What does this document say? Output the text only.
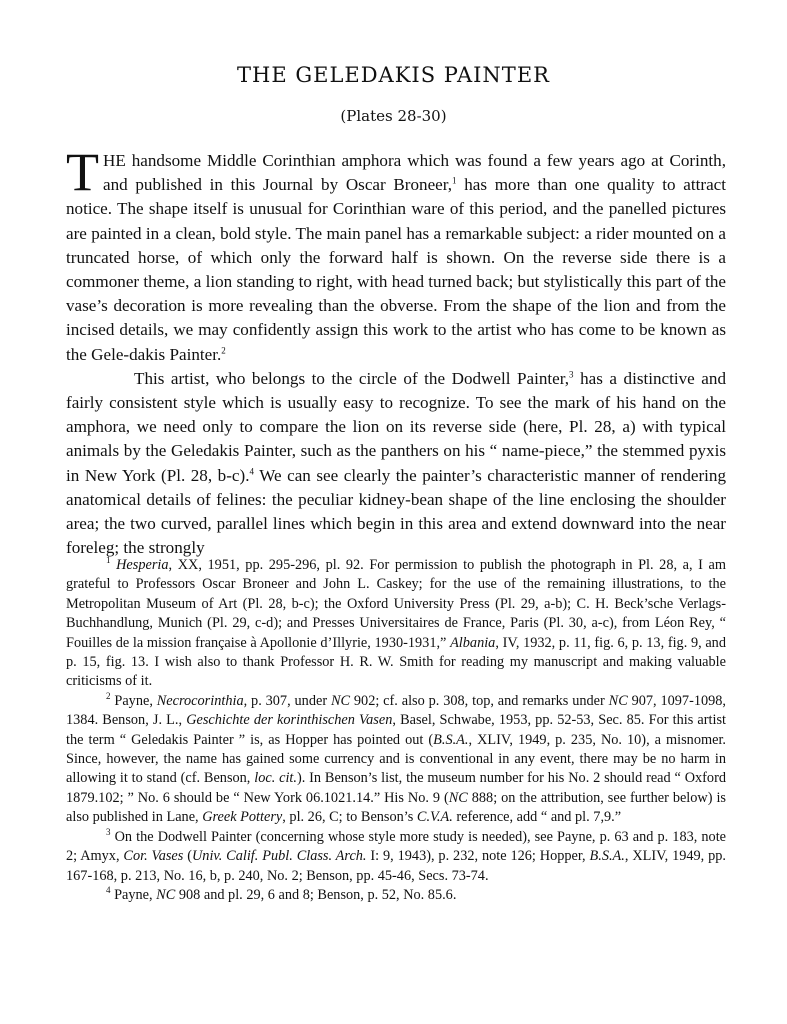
THE GELEDAKIS PAINTER
(Plates 28-30)

THE handsome Middle Corinthian amphora which was found a few years ago at Corinth, and published in this Journal by Oscar Broneer,$^1$ has more than one quality to attract notice. The shape itself is unusual for Corinthian ware of this period, and the panelled pictures are painted in a clean, bold style. The main panel has a remarkable subject: a rider mounted on a truncated horse, of which only the forward half is shown. On the reverse side there is a commoner theme, a lion standing to right, with head turned back; but stylistically this part of the vase’s decoration is more revealing than the obverse. From the shape of the lion and from the incised details, we may confidently assign this work to the artist who has come to be known as the Gele-dakis Painter.$^2$

This artist, who belongs to the circle of the Dodwell Painter,$^3$ has a distinctive and fairly consistent style which is usually easy to recognize. To see the mark of his hand on the amphora, we need only to compare the lion on its reverse side (here, Pl. 28, a) with typical animals by the Geledakis Painter, such as the panthers on his “ name-piece,” the stemmed pyxis in New York (Pl. 28, b-c).$^4$ We can see clearly the painter’s characteristic manner of rendering anatomical details of felines: the peculiar kidney-bean shape of the line enclosing the shoulder area; the two curved, parallel lines which begin in this area and extend downward into the near foreleg; the strongly

$^1$ Hesperia, XX, 1951, pp. 295-296, pl. 92. For permission to publish the photograph in Pl. 28, a, I am grateful to Professors Oscar Broneer and John L. Caskey; for the use of the remaining illustrations, to the Metropolitan Museum of Art (Pl. 28, b-c); the Oxford University Press (Pl. 29, a-b); C. H. Beck’sche Verlags-Buchhandlung, Munich (Pl. 29, c-d); and Presses Universitaires de France, Paris (Pl. 30, a-c), from Léon Rey, “ Fouilles de la mission française à Apollonie d’Illyrie, 1930-1931,” Albania, IV, 1932, p. 11, fig. 6, p. 13, fig. 9, and p. 15, fig. 13. I wish also to thank Professor H. R. W. Smith for reading my manuscript and making valuable criticisms of it.

$^2$ Payne, Necrocorinthia, p. 307, under NC 902; cf. also p. 308, top, and remarks under NC 907, 1097-1098, 1384. Benson, J. L., Geschichte der korinthischen Vasen, Basel, Schwabe, 1953, pp. 52-53, Sec. 85. For this artist the term “ Geledakis Painter ” is, as Hopper has pointed out (B.S.A., XLIV, 1949, p. 235, No. 10), a misnomer. Since, however, the name has gained some currency and is conventional in any event, there may be no harm in allowing it to stand (cf. Benson, loc. cit.). In Benson’s list, the museum number for his No. 2 should read “ Oxford 1879.102; ” No. 6 should be “ New York 06.1021.14.” His No. 9 (NC 888; on the attribution, see further below) is also published in Lane, Greek Pottery, pl. 26, C; to Benson’s C.V.A. reference, add “ and pl. 7,9.”

$^3$ On the Dodwell Painter (concerning whose style more study is needed), see Payne, p. 63 and p. 183, note 2; Amyx, Cor. Vases (Univ. Calif. Publ. Class. Arch. I: 9, 1943), p. 232, note 126; Hopper, B.S.A., XLIV, 1949, pp. 167-168, p. 213, No. 16, b, p. 240, No. 2; Benson, pp. 45-46, Secs. 73-74.

$^4$ Payne, NC 908 and pl. 29, 6 and 8; Benson, p. 52, No. 85.6.
